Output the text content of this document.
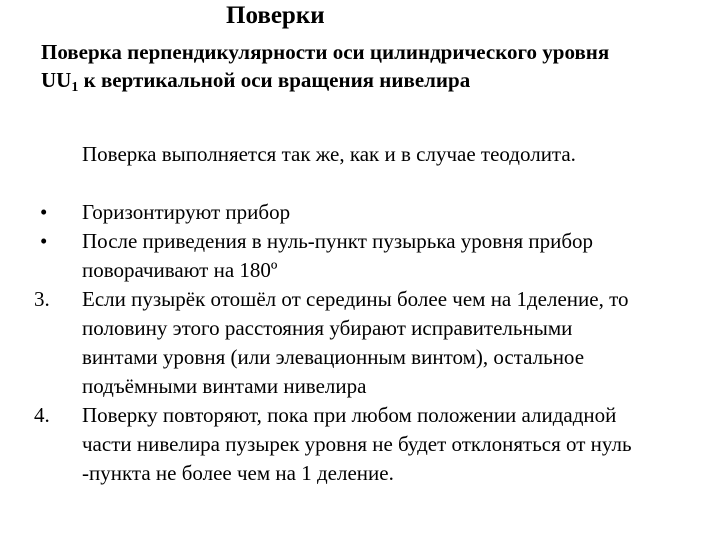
Поверки
Поверка перпендикулярности оси цилиндрического уровня
$UU_1$ к вертикальной оси вращения нивелира
Поверка выполняется так же, как и в случае теодолита.
•	Горизонтируют прибор
•	После приведения в нуль-пункт пузырька уровня прибор
поворачивают на 180º
3.	Если пузырёк отошёл от середины более чем на 1деление, то
половину этого расстояния убирают исправительными
винтами уровня (или элевационным винтом), остальное
подъёмными винтами нивелира
4.	Поверку повторяют, пока при любом положении алидадной
части нивелира пузырек уровня не будет отклоняться от нуль
-пункта не более чем на 1 деление.
